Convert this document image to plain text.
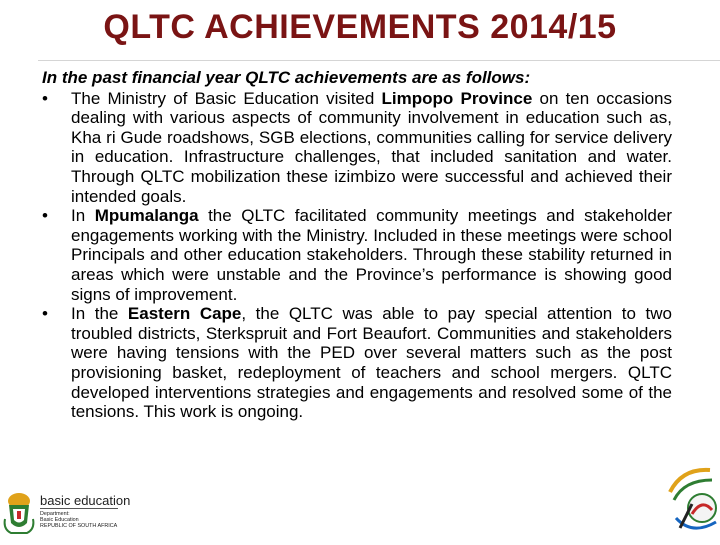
QLTC ACHIEVEMENTS 2014/15

In the past financial year QLTC achievements are as follows:

• The Ministry of Basic Education visited Limpopo Province on ten occasions dealing with various aspects of community involvement in education such as, Kha ri Gude roadshows, SGB elections, communities calling for service delivery in education. Infrastructure challenges, that included sanitation and water. Through QLTC mobilization these izimbizo were successful and achieved their intended goals.
• In Mpumalanga the QLTC facilitated community meetings and stakeholder engagements working with the Ministry. Included in these meetings were school Principals and other education stakeholders. Through these stability returned in areas which were unstable and the Province’s performance is showing good signs of improvement.
• In the Eastern Cape, the QLTC was able to pay special attention to two troubled districts, Sterkspruit and Fort Beaufort. Communities and stakeholders were having tensions with the PED over several matters such as the post provisioning basket, redeployment of teachers and school mergers. QLTC developed interventions strategies and engagements and resolved some of the tensions. This work is ongoing.
basic education
Department:
Basic Education
REPUBLIC OF SOUTH AFRICA
